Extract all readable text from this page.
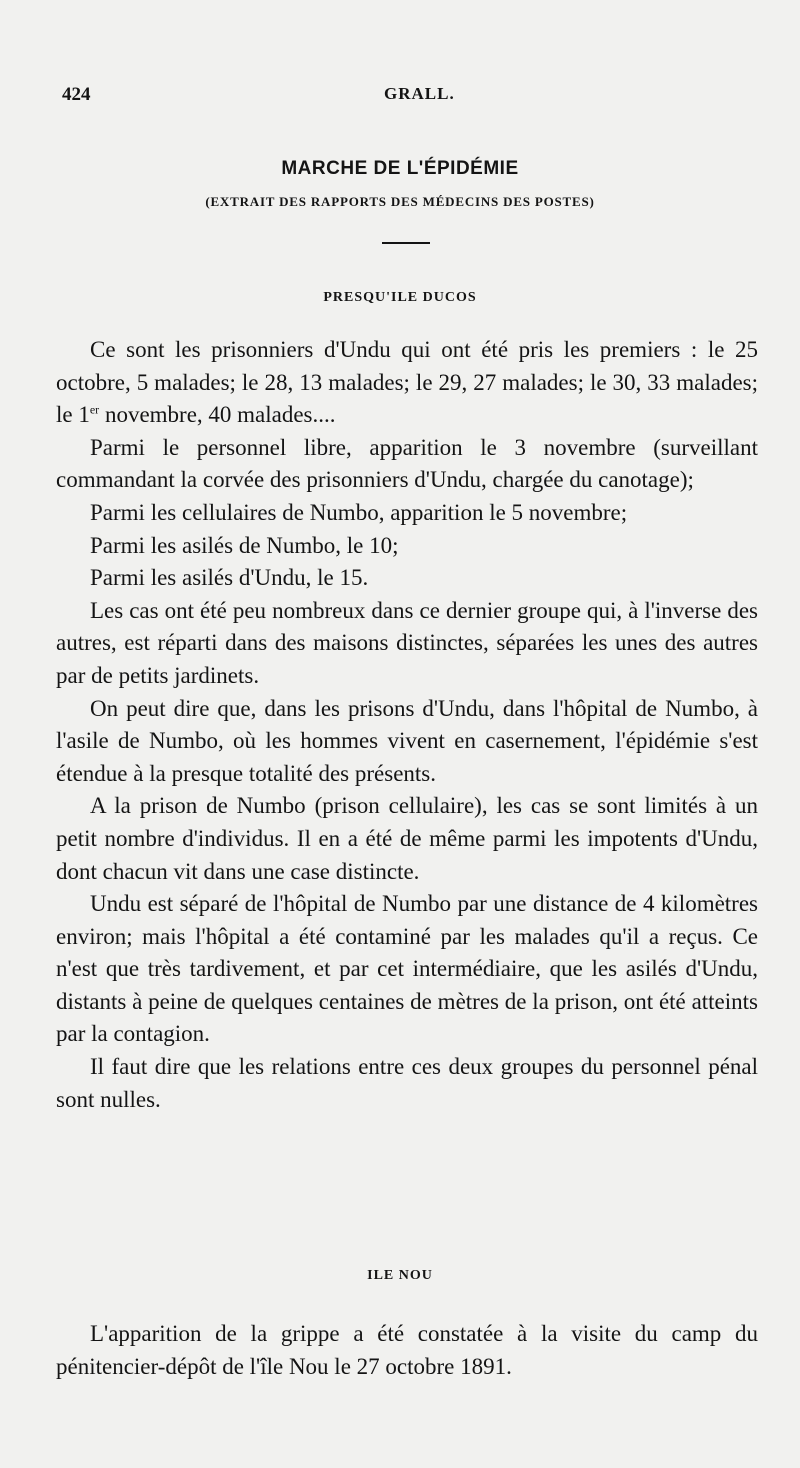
424	GRALL.
MARCHE DE L'ÉPIDÉMIE
(EXTRAIT DES RAPPORTS DES MÉDECINS DES POSTES)
PRESQU'ILE DUCOS

Ce sont les prisonniers d'Undu qui ont été pris les premiers : le 25 octobre, 5 malades; le 28, 13 malades; le 29, 27 malades; le 30, 33 malades; le 1er novembre, 40 malades....

Parmi le personnel libre, apparition le 3 novembre (surveillant commandant la corvée des prisonniers d'Undu, chargée du canotage);

Parmi les cellulaires de Numbo, apparition le 5 novembre;

Parmi les asilés de Numbo, le 10;

Parmi les asilés d'Undu, le 15.

Les cas ont été peu nombreux dans ce dernier groupe qui, à l'inverse des autres, est réparti dans des maisons distinctes, séparées les unes des autres par de petits jardinets.

On peut dire que, dans les prisons d'Undu, dans l'hôpital de Numbo, à l'asile de Numbo, où les hommes vivent en casernement, l'épidémie s'est étendue à la presque totalité des présents.

A la prison de Numbo (prison cellulaire), les cas se sont limités à un petit nombre d'individus. Il en a été de même parmi les impotents d'Undu, dont chacun vit dans une case distincte.

Undu est séparé de l'hôpital de Numbo par une distance de 4 kilomètres environ; mais l'hôpital a été contaminé par les malades qu'il a reçus. Ce n'est que très tardivement, et par cet intermédiaire, que les asilés d'Undu, distants à peine de quelques centaines de mètres de la prison, ont été atteints par la contagion.

Il faut dire que les relations entre ces deux groupes du personnel pénal sont nulles.

ILE NOU

L'apparition de la grippe a été constatée à la visite du camp du pénitencier-dépôt de l'île Nou le 27 octobre 1891.
